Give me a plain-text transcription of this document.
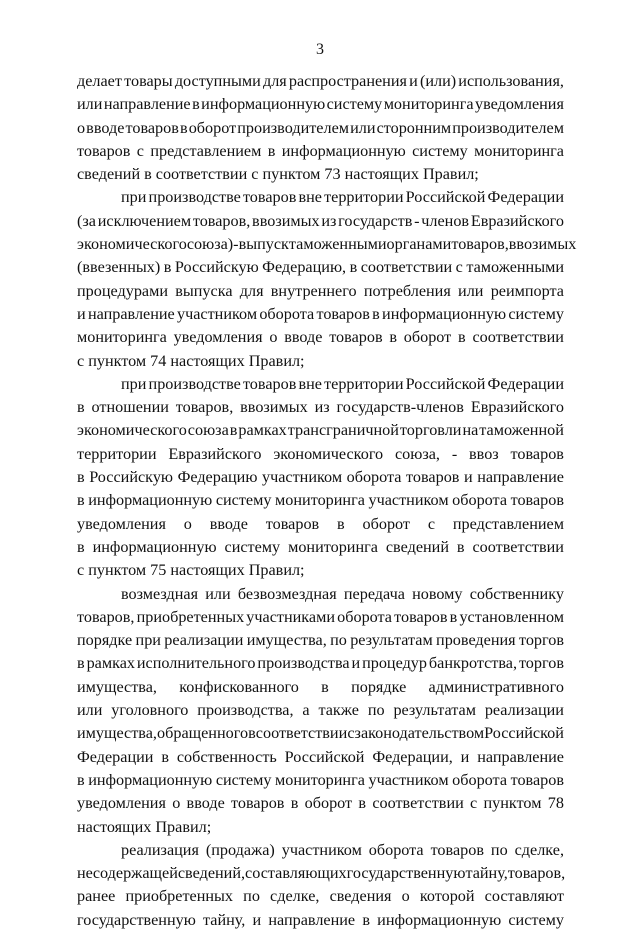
3
делает товары доступными для распространения и (или) использования,
или направление в информационную систему мониторинга уведомления
о вводе товаров в оборот производителем или сторонним производителем
товаров с представлением в информационную систему мониторинга
сведений в соответствии с пунктом 73 настоящих Правил;
при производстве товаров вне территории Российской Федерации
(за исключением товаров, ввозимых из государств - членов Евразийского
экономического союза) - выпуск таможенными органами товаров, ввозимых
(ввезенных) в Российскую Федерацию, в соответствии с таможенными
процедурами выпуска для внутреннего потребления или реимпорта
и направление участником оборота товаров в информационную систему
мониторинга уведомления о вводе товаров в оборот в соответствии
с пунктом 74 настоящих Правил;
при производстве товаров вне территории Российской Федерации
в отношении товаров, ввозимых из государств-членов Евразийского
экономического союза в рамках трансграничной торговли на таможенной
территории Евразийского экономического союза, - ввоз товаров
в Российскую Федерацию участником оборота товаров и направление
в информационную систему мониторинга участником оборота товаров
уведомления о вводе товаров в оборот с представлением
в информационную систему мониторинга сведений в соответствии
с пунктом 75 настоящих Правил;
возмездная или безвозмездная передача новому собственнику
товаров, приобретенных участниками оборота товаров в установленном
порядке при реализации имущества, по результатам проведения торгов
в рамках исполнительного производства и процедур банкротства, торгов
имущества, конфискованного в порядке административного
или уголовного производства, а также по результатам реализации
имущества, обращенного в соответствии с законодательством Российской
Федерации в собственность Российской Федерации, и направление
в информационную систему мониторинга участником оборота товаров
уведомления о вводе товаров в оборот в соответствии с пунктом 78
настоящих Правил;
реализация (продажа) участником оборота товаров по сделке,
не содержащей сведений, составляющих государственную тайну, товаров,
ранее приобретенных по сделке, сведения о которой составляют
государственную тайну, и направление в информационную систему
